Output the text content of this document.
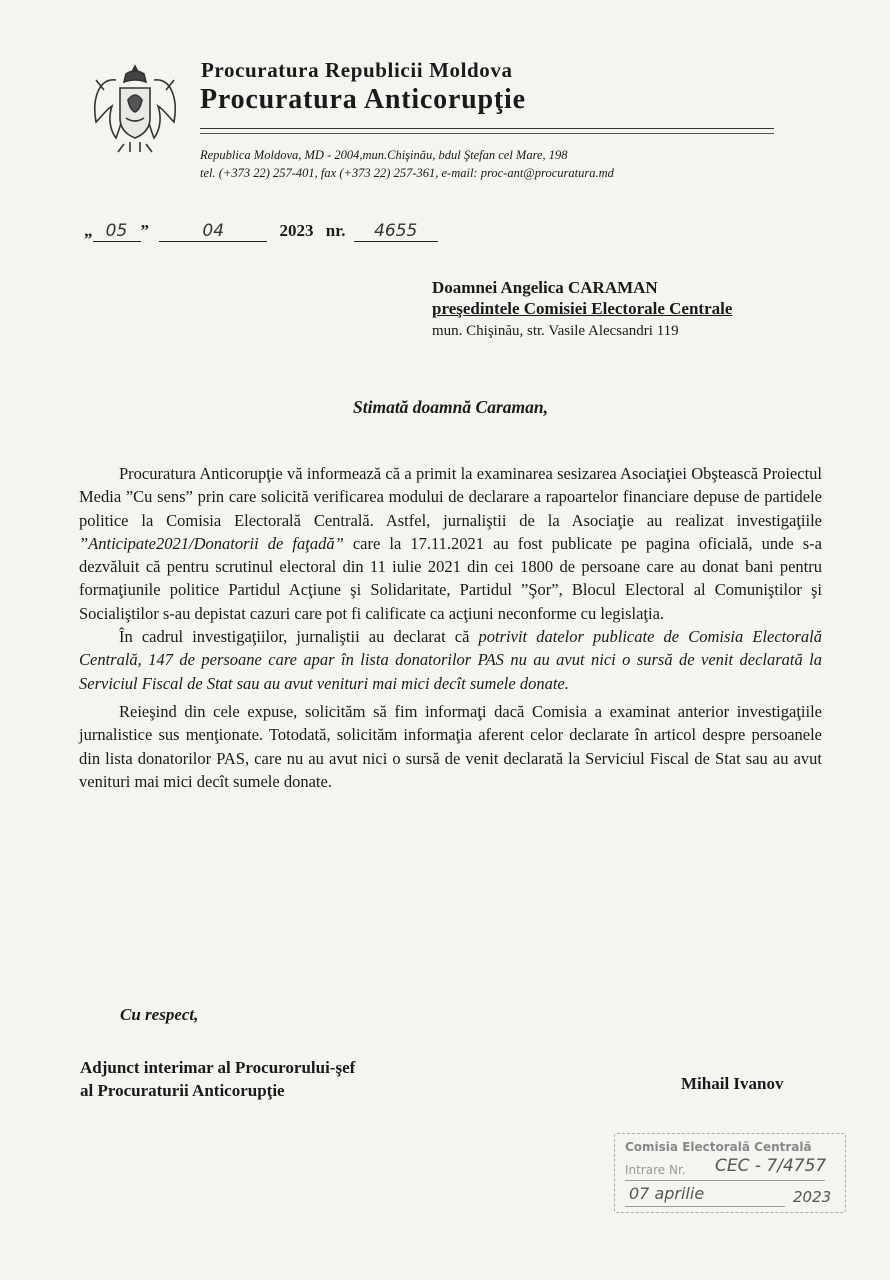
Procuratura Republicii Moldova
Procuratura Anticorupţie
Republica Moldova, MD - 2004,mun.Chişinău, bdul Ştefan cel Mare, 198
tel. (+373 22) 257-401, fax (+373 22) 257-361, e-mail: proc-ant@procuratura.md
„ 05 ”	04	2023 nr. 4655
Doamnei Angelica CARAMAN
preşedintele Comisiei Electorale Centrale
mun. Chişinău, str. Vasile Alecsandri 119
Stimată doamnă Caraman,

Procuratura Anticorupţie vă informează că a primit la examinarea sesizarea Asociaţiei Obştească Proiectul Media ”Cu sens” prin care solicită verificarea modului de declarare a rapoartelor financiare depuse de partidele politice la Comisia Electorală Centrală. Astfel, jurnaliştii de la Asociaţie au realizat investigaţiile ”Anticipate2021/Donatorii de faţadă” care la 17.11.2021 au fost publicate pe pagina oficială, unde s-a dezvăluit că pentru scrutinul electoral din 11 iulie 2021 din cei 1800 de persoane care au donat bani pentru formaţiunile politice Partidul Acţiune şi Solidaritate, Partidul ”Şor”, Blocul Electoral al Comuniştilor şi Socialiştilor s-au depistat cazuri care pot fi calificate ca acţiuni neconforme cu legislaţia.

În cadrul investigaţiilor, jurnaliştii au declarat că potrivit datelor publicate de Comisia Electorală Centrală, 147 de persoane care apar în lista donatorilor PAS nu au avut nici o sursă de venit declarată la Serviciul Fiscal de Stat sau au avut venituri mai mici decît sumele donate.

Reieşind din cele expuse, solicităm să fim informaţi dacă Comisia a examinat anterior investigaţiile jurnalistice sus menţionate. Totodată, solicităm informaţia aferent celor declarate în articol despre persoanele din lista donatorilor PAS, care nu au avut nici o sursă de venit declarată la Serviciul Fiscal de Stat sau au avut venituri mai mici decît sumele donate.

Cu respect,
Adjunct interimar al Procurorului-şef
al Procuraturii Anticorupţie	Mihail Ivanov
Comisia Electorală Centrală
Intrare Nr. CEC - 7/4757
07 aprilie	2023
